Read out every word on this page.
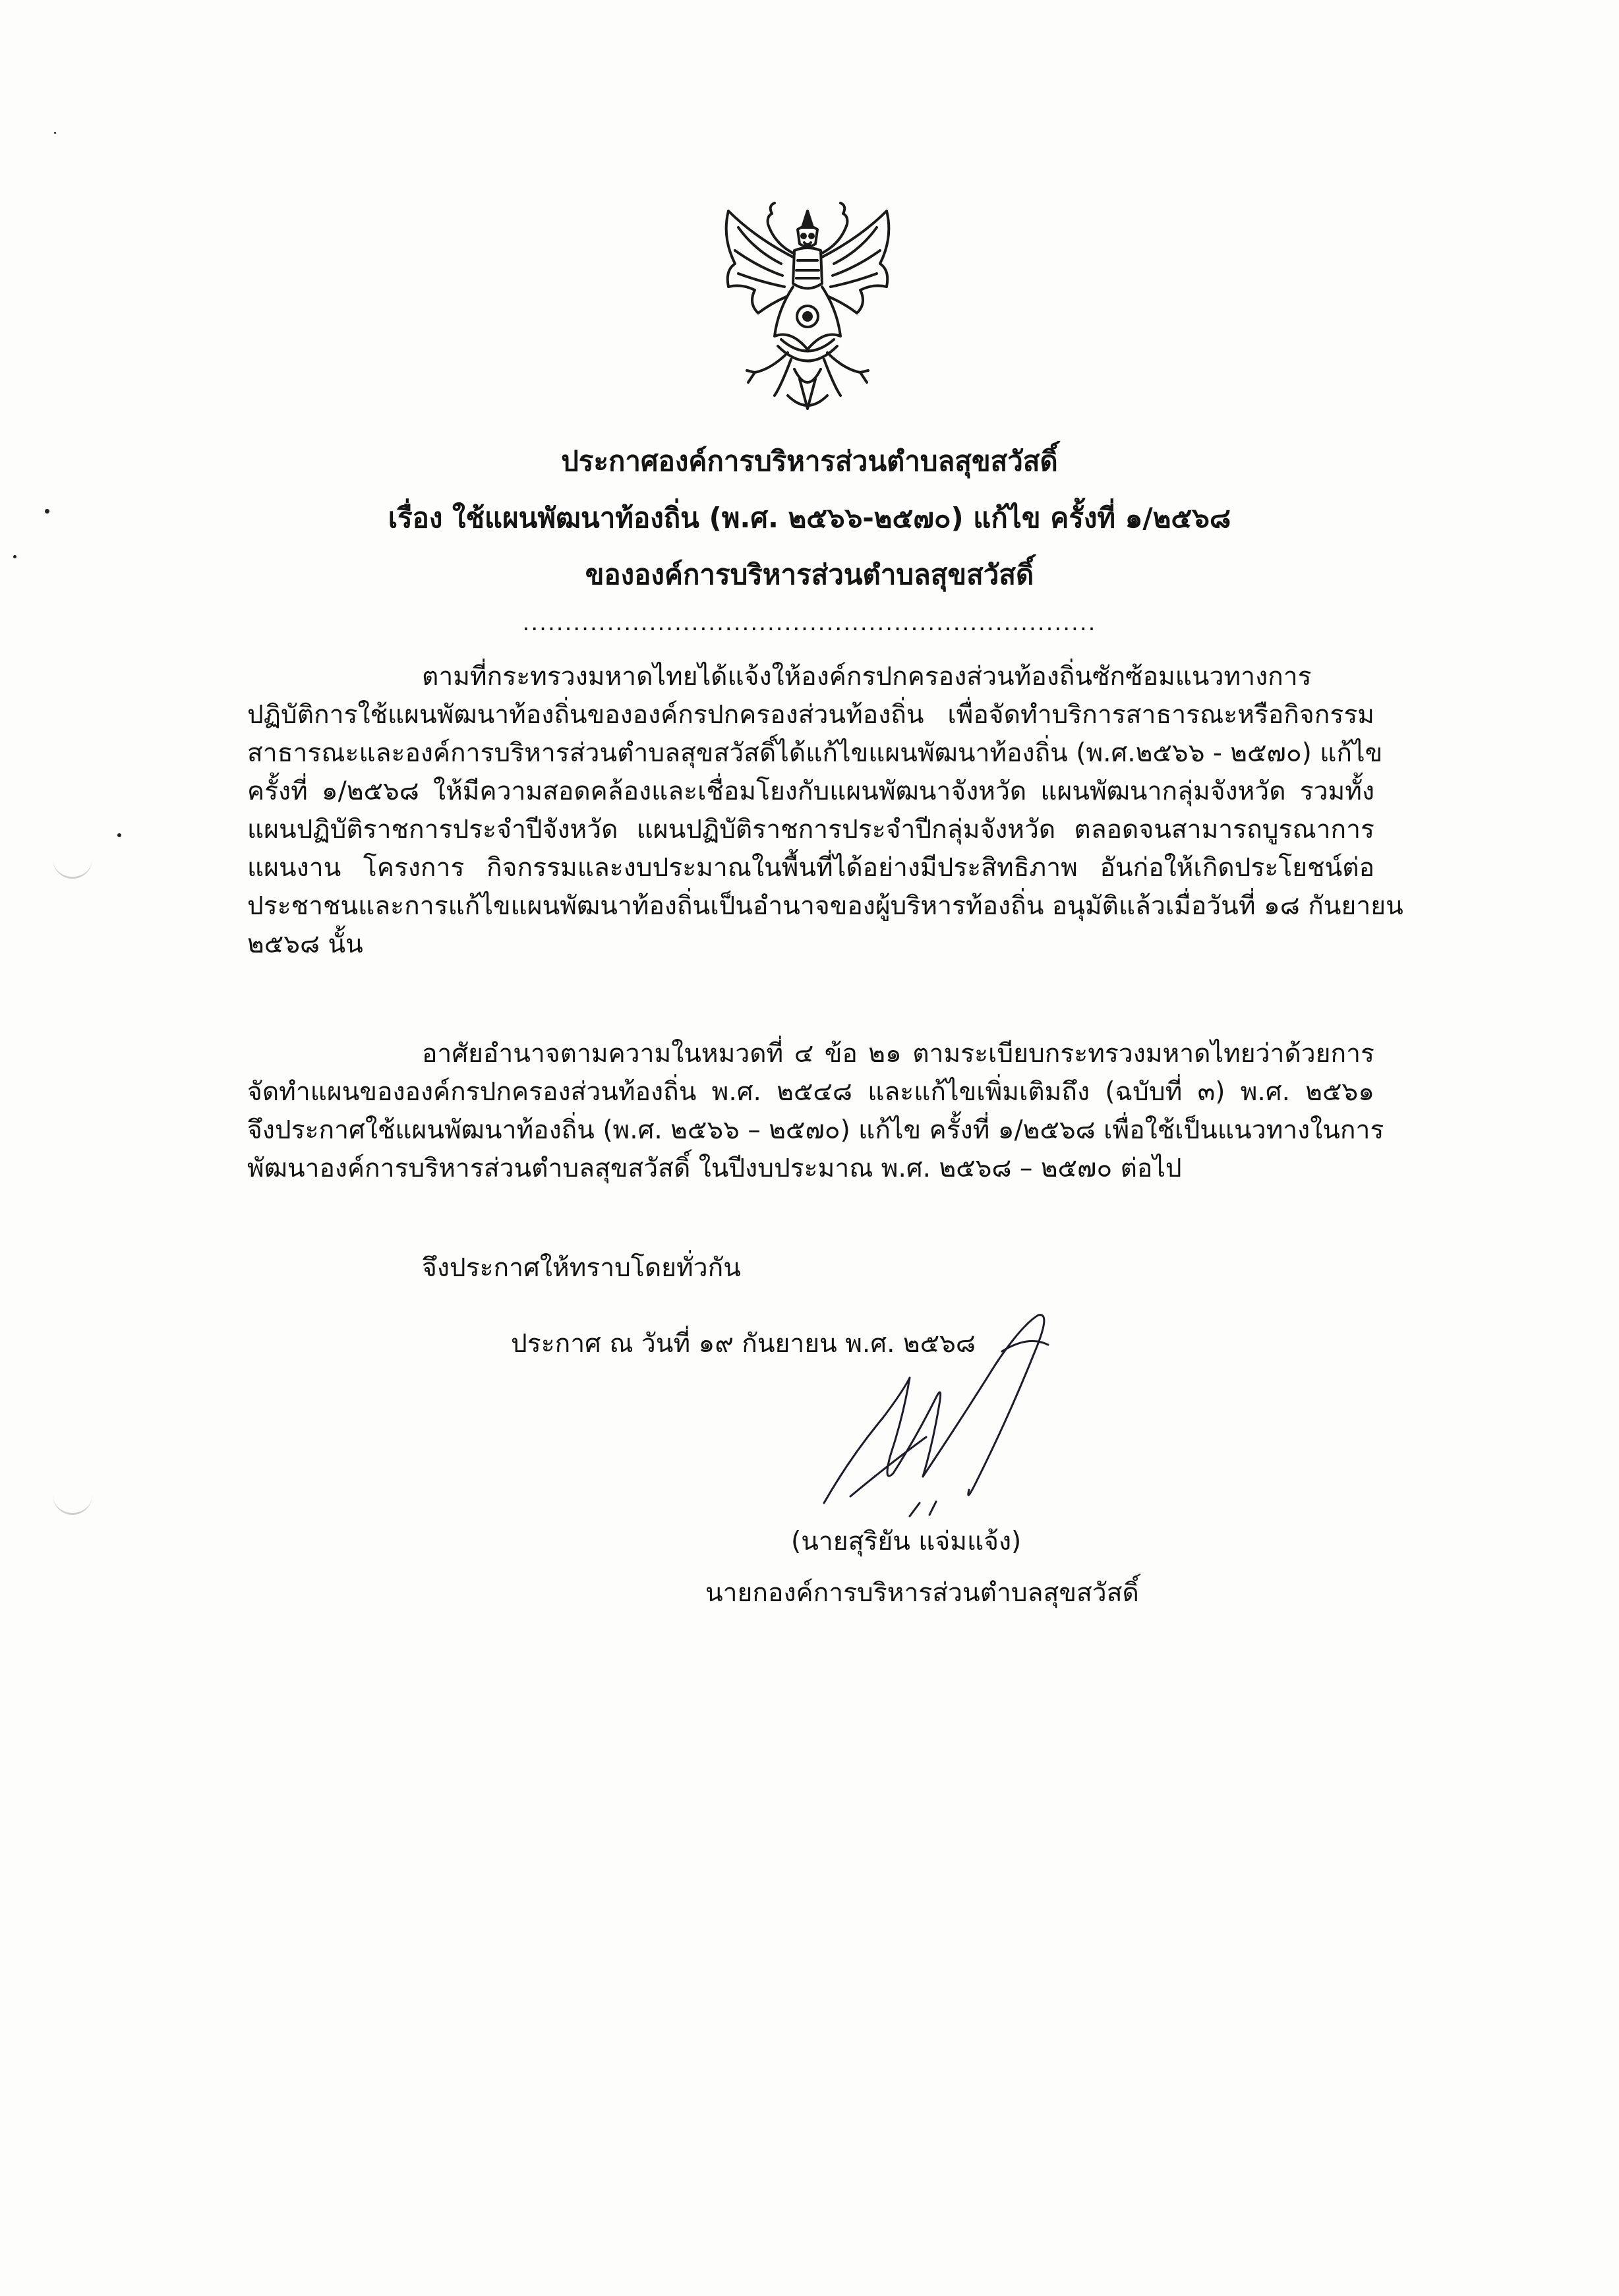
ประกาศองค์การบริหารส่วนตำบลสุขสวัสดิ์
เรื่อง ใช้แผนพัฒนาท้องถิ่น (พ.ศ. ๒๕๖๖-๒๕๗๐) แก้ไข ครั้งที่ ๑/๒๕๖๘
ขององค์การบริหารส่วนตำบลสุขสวัสดิ์
....................................................................
ตามที่กระทรวงมหาดไทยได้แจ้งให้องค์กรปกครองส่วนท้องถิ่นซักซ้อมแนวทางการ
ปฏิบัติการใช้แผนพัฒนาท้องถิ่นขององค์กรปกครองส่วนท้องถิ่น เพื่อจัดทำบริการสาธารณะหรือกิจกรรม
สาธารณะและองค์การบริหารส่วนตำบลสุขสวัสดิ์ได้แก้ไขแผนพัฒนาท้องถิ่น (พ.ศ.๒๕๖๖ - ๒๕๗๐) แก้ไข
ครั้งที่ ๑/๒๕๖๘ ให้มีความสอดคล้องและเชื่อมโยงกับแผนพัฒนาจังหวัด แผนพัฒนากลุ่มจังหวัด รวมทั้ง
แผนปฏิบัติราชการประจำปีจังหวัด แผนปฏิบัติราชการประจำปีกลุ่มจังหวัด ตลอดจนสามารถบูรณาการ
แผนงาน โครงการ กิจกรรมและงบประมาณในพื้นที่ได้อย่างมีประสิทธิภาพ อันก่อให้เกิดประโยชน์ต่อ
ประชาชนและการแก้ไขแผนพัฒนาท้องถิ่นเป็นอำนาจของผู้บริหารท้องถิ่น อนุมัติแล้วเมื่อวันที่ ๑๘ กันยายน
๒๕๖๘ นั้น
อาศัยอำนาจตามความในหมวดที่ ๔ ข้อ ๒๑ ตามระเบียบกระทรวงมหาดไทยว่าด้วยการ
จัดทำแผนขององค์กรปกครองส่วนท้องถิ่น พ.ศ. ๒๕๔๘ และแก้ไขเพิ่มเติมถึง (ฉบับที่ ๓) พ.ศ. ๒๕๖๑
จึงประกาศใช้แผนพัฒนาท้องถิ่น (พ.ศ. ๒๕๖๖ – ๒๕๗๐) แก้ไข ครั้งที่ ๑/๒๕๖๘ เพื่อใช้เป็นแนวทางในการ
พัฒนาองค์การบริหารส่วนตำบลสุขสวัสดิ์ ในปีงบประมาณ พ.ศ. ๒๕๖๘ – ๒๕๗๐ ต่อไป
จึงประกาศให้ทราบโดยทั่วกัน
ประกาศ ณ วันที่ ๑๙ กันยายน พ.ศ. ๒๕๖๘
(นายสุริยัน แจ่มแจ้ง)
นายกองค์การบริหารส่วนตำบลสุขสวัสดิ์
